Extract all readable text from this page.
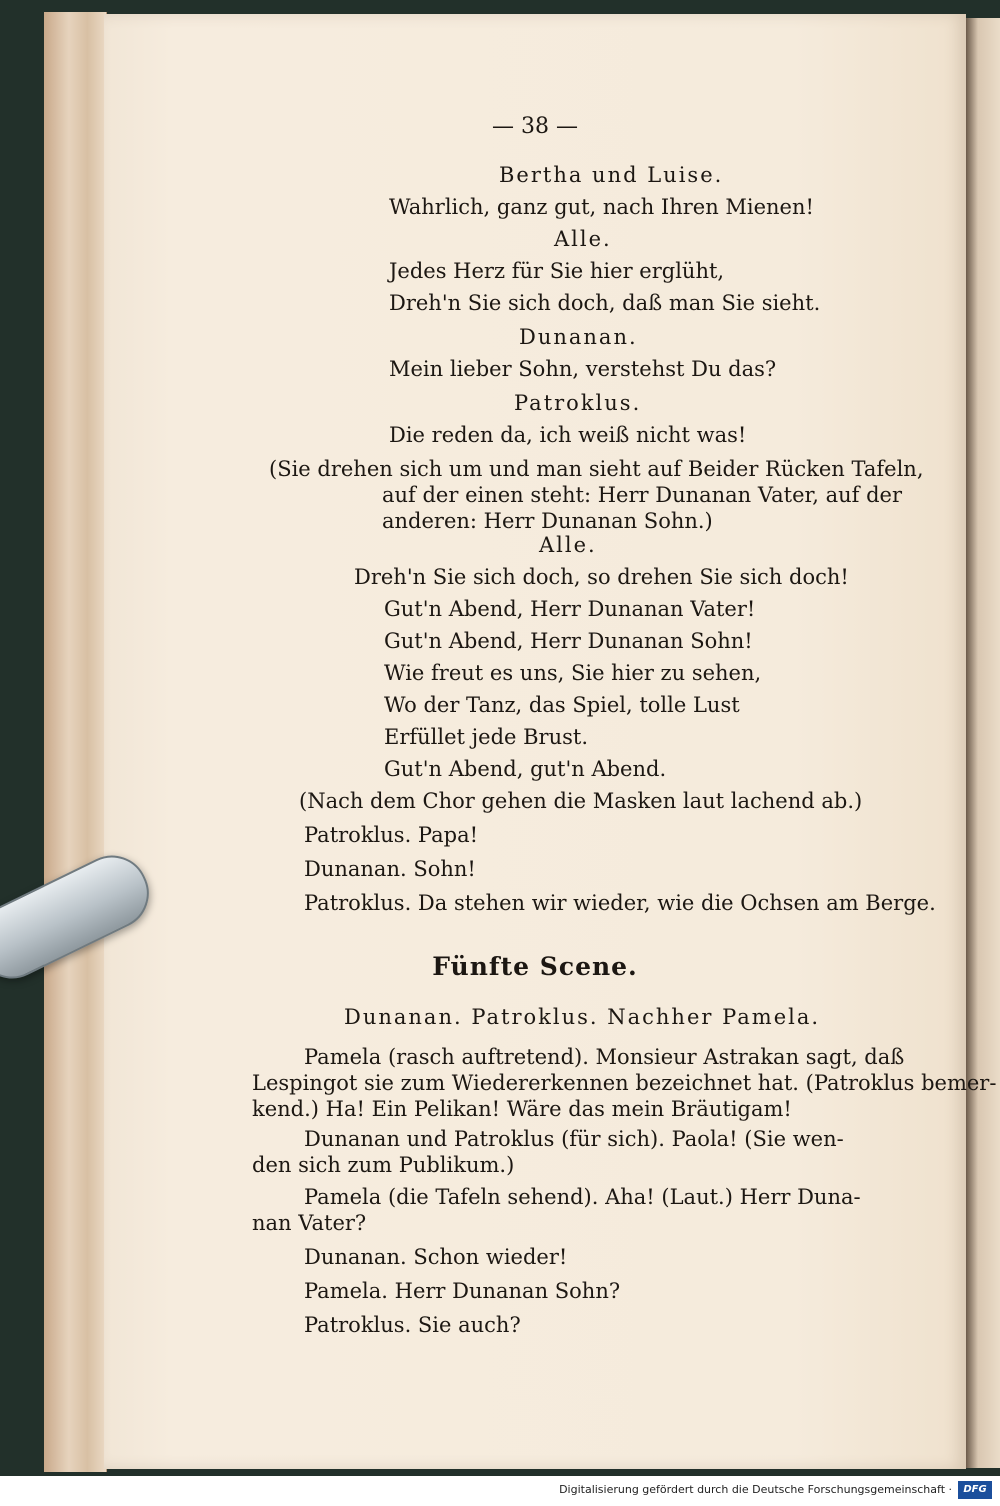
— 38 —
Bertha und Luise.
Wahrlich, ganz gut, nach Ihren Mienen!
Alle.
Jedes Herz für Sie hier erglüht,
Dreh'n Sie sich doch, daß man Sie sieht.
Dunanan.
Mein lieber Sohn, verstehst Du das?
Patroklus.
Die reden da, ich weiß nicht was!
(Sie drehen sich um und man sieht auf Beider Rücken Tafeln,
auf der einen steht: Herr Dunanan Vater, auf der
anderen: Herr Dunanan Sohn.)
Alle.
Dreh'n Sie sich doch, so drehen Sie sich doch!
Gut'n Abend, Herr Dunanan Vater!
Gut'n Abend, Herr Dunanan Sohn!
Wie freut es uns, Sie hier zu sehen,
Wo der Tanz, das Spiel, tolle Lust
Erfüllet jede Brust.
Gut'n Abend, gut'n Abend.
(Nach dem Chor gehen die Masken laut lachend ab.)
Patroklus. Papa!
Dunanan. Sohn!
Patroklus. Da stehen wir wieder, wie die Ochsen am Berge.
Fünfte Scene.
Dunanan. Patroklus. Nachher Pamela.
Pamela (rasch auftretend). Monsieur Astrakan sagt, daß
Lespingot sie zum Wiedererkennen bezeichnet hat. (Patroklus bemer-
kend.) Ha! Ein Pelikan! Wäre das mein Bräutigam!
Dunanan und Patroklus (für sich). Paola! (Sie wen-
den sich zum Publikum.)
Pamela (die Tafeln sehend). Aha! (Laut.) Herr Duna-
nan Vater?
Dunanan. Schon wieder!
Pamela. Herr Dunanan Sohn?
Patroklus. Sie auch?
Digitalisierung gefördert durch die Deutsche Forschungsgemeinschaft ·	DFG
